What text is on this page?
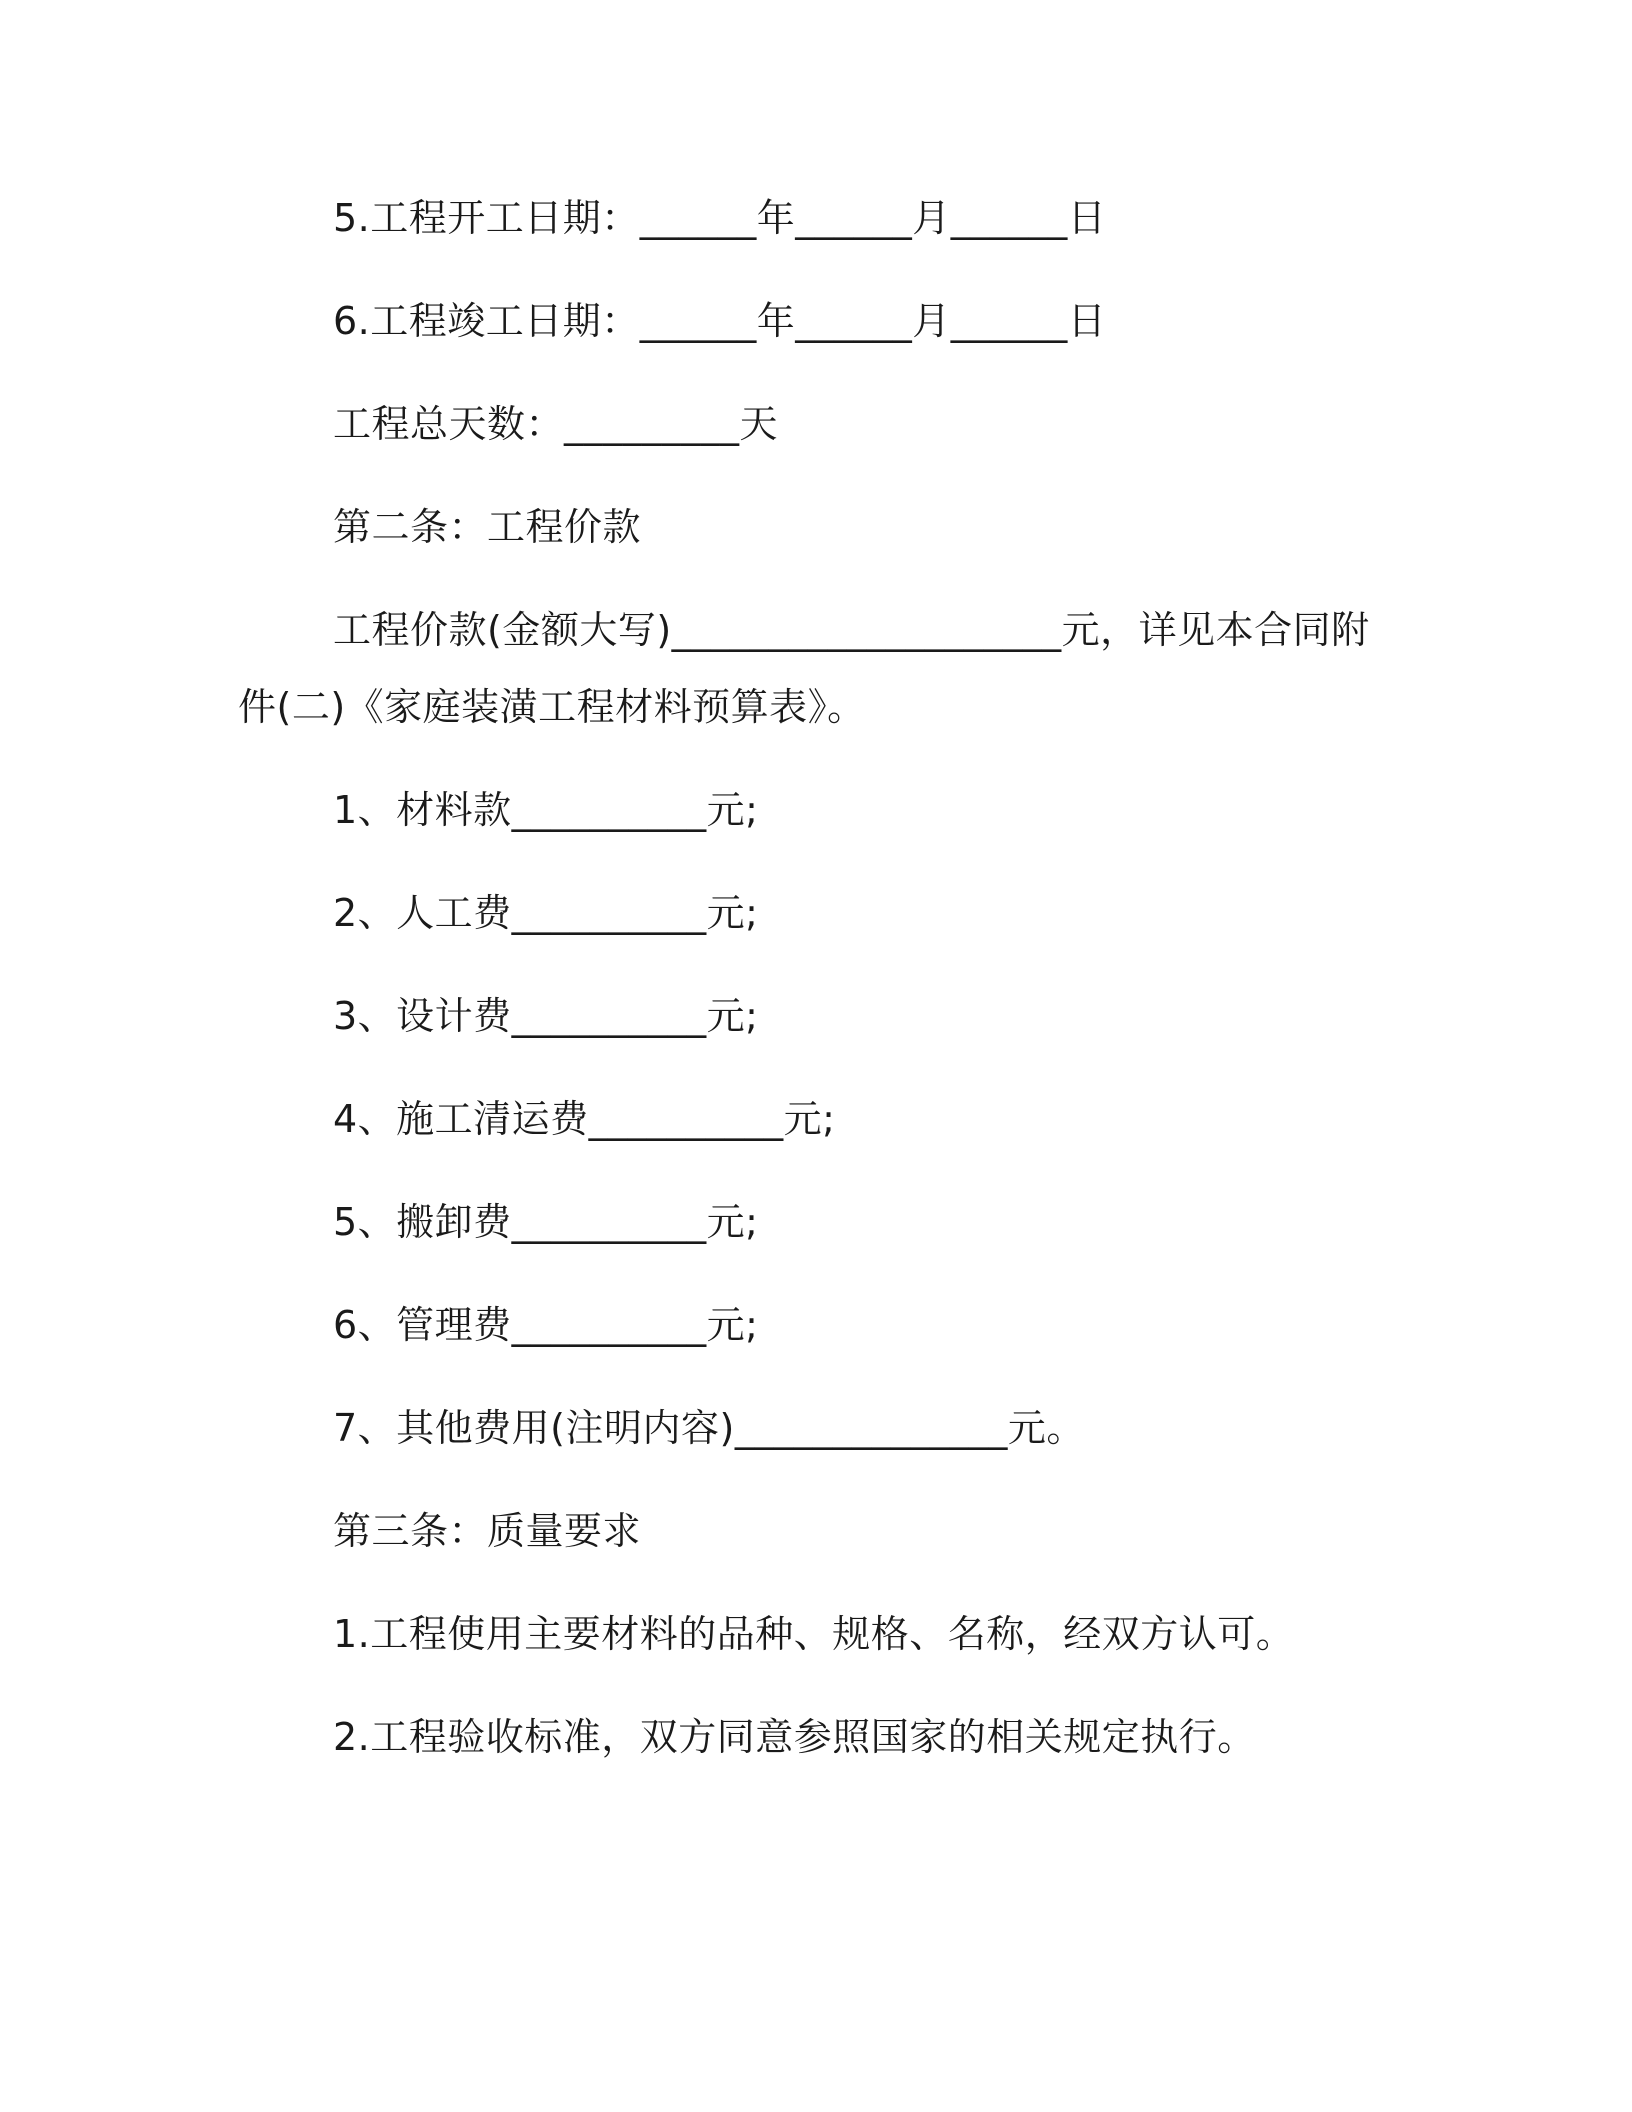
5.工程开工日期：______年______月______日
6.工程竣工日期：______年______月______日
工程总天数：_________天
第二条：工程价款
工程价款(金额大写)____________________元，详见本合同附
件(二)《家庭装潢工程材料预算表》。
1、材料款__________元;
2、人工费__________元;
3、设计费__________元;
4、施工清运费__________元;
5、搬卸费__________元;
6、管理费__________元;
7、其他费用(注明内容)______________元。
第三条：质量要求
1.工程使用主要材料的品种、规格、名称，经双方认可。
2.工程验收标准，双方同意参照国家的相关规定执行。
